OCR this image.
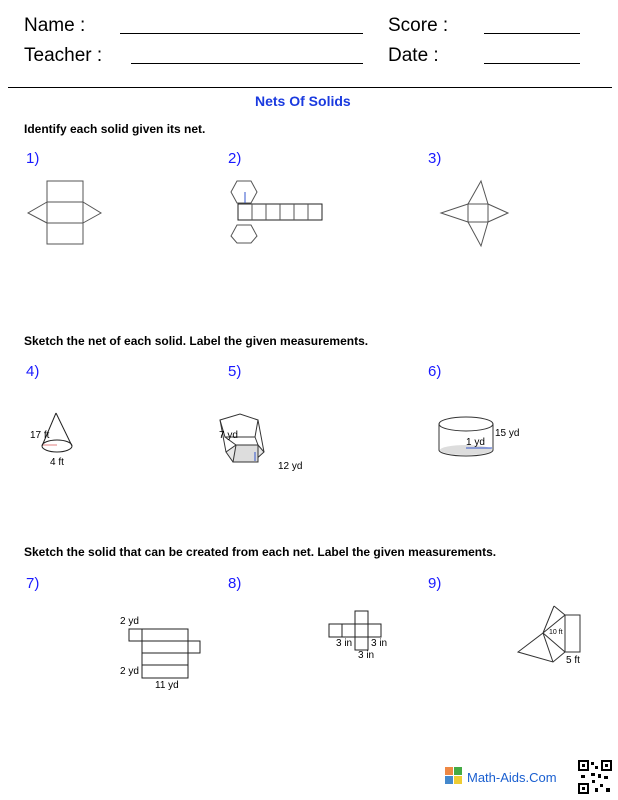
Name :	Score :
Teacher :	Date :
Nets Of Solids
Identify each solid given its net.
1)	2)	3)
Sketch the net of each solid. Label the given measurements.
4)	5)	6)
Sketch the solid that can be created from each net. Label the given measurements.
7)	8)	9)
17 ft
4 ft
7 yd
12 yd
15 yd
1 yd
2 yd
2 yd
11 yd
3 in 3 in
3 in
10 ft
5 ft
Math-Aids.Com
